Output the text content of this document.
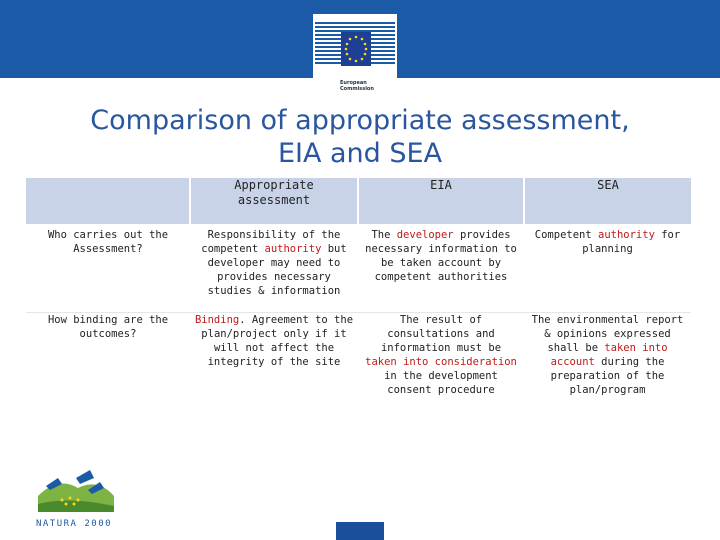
European
Commission
Comparison of appropriate assessment,
EIA and SEA
	Appropriate assessment	EIA	SEA

Who carries out the Assessment?	Responsibility of the competent authority but developer may need to provides necessary studies & information	The developer provides necessary information to be taken account by competent authorities	Competent authority for planning
How binding are the outcomes?	Binding. Agreement to the plan/project only if it will not affect the integrity of the site	The result of consultations and information must be taken into consideration in the development consent procedure	The environmental report & opinions expressed shall be taken into account during the preparation of the plan/program
NATURA 2000
